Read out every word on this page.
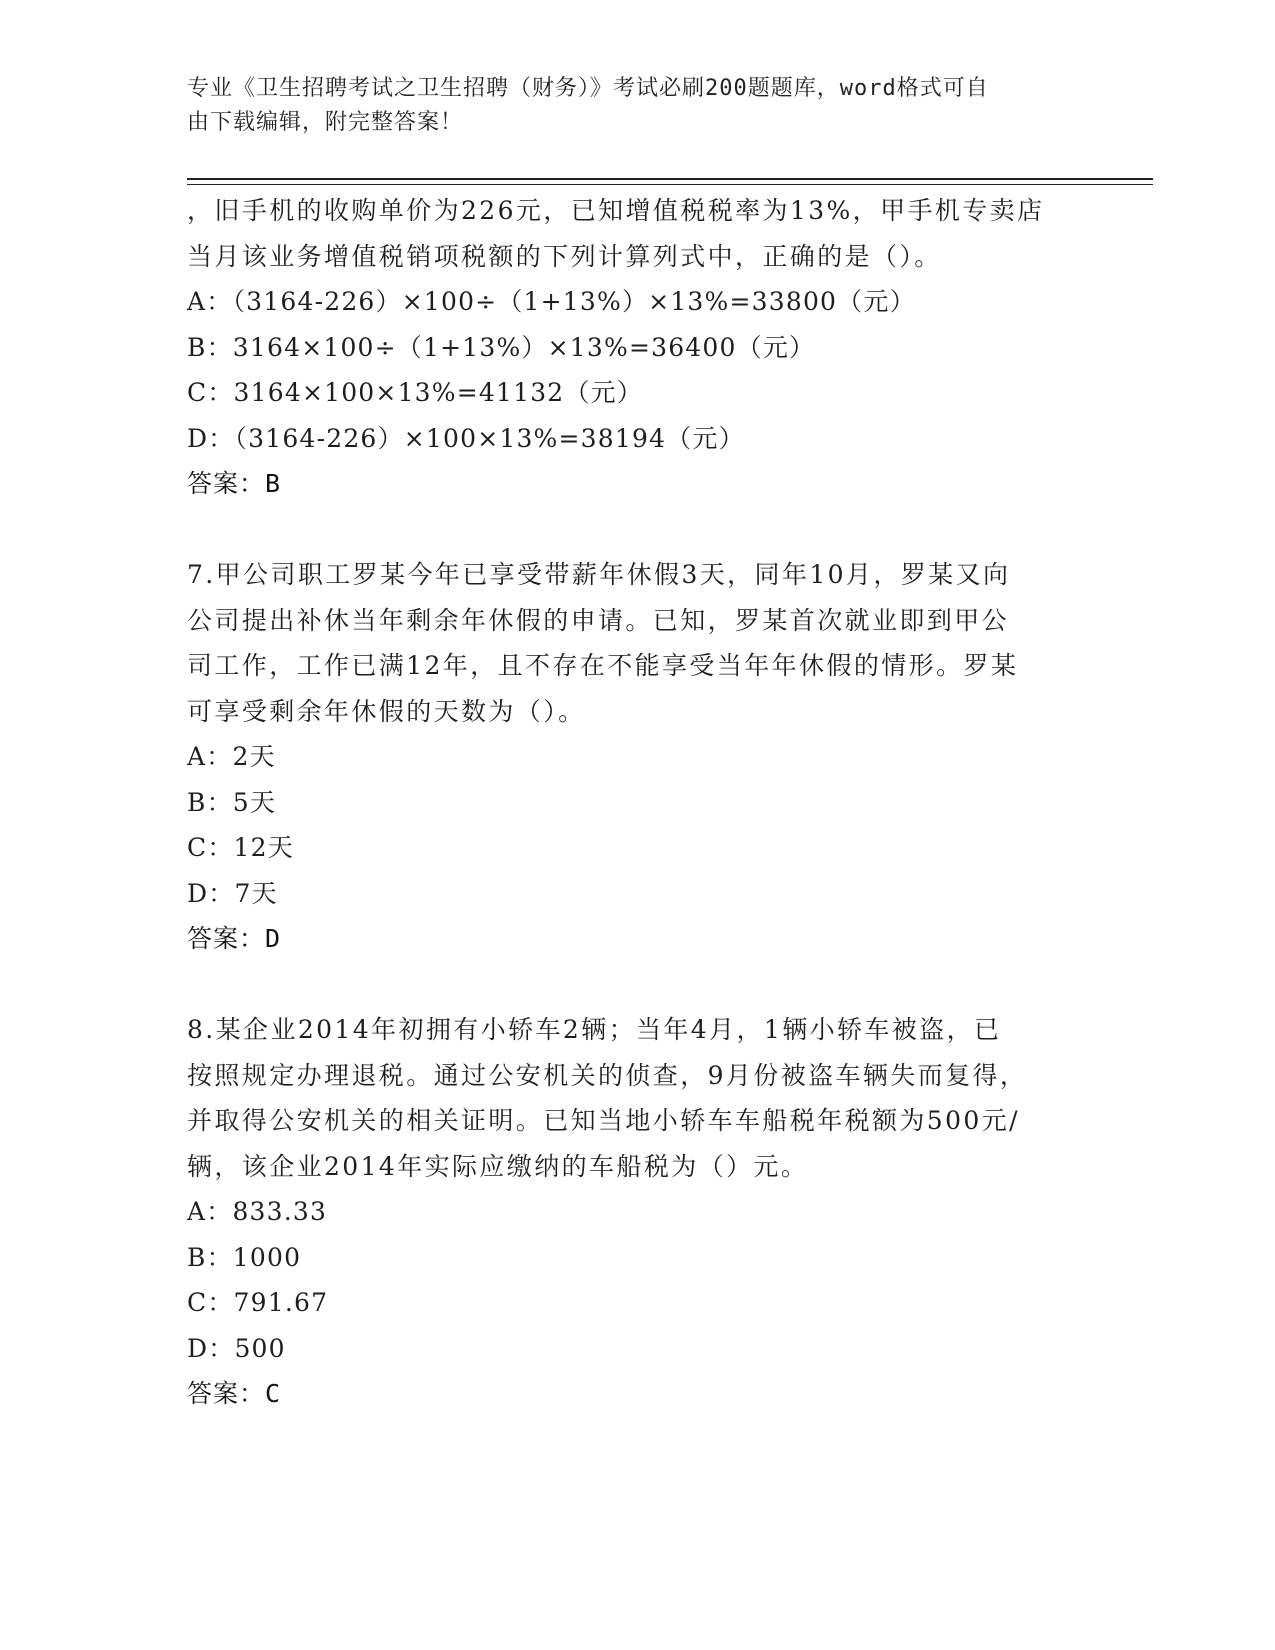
专业《卫生招聘考试之卫生招聘（财务）》考试必刷200题题库，word格式可自
由下载编辑，附完整答案！
，旧手机的收购单价为226元，已知增值税税率为13%，甲手机专卖店
当月该业务增值税销项税额的下列计算列式中，正确的是（）。
A：（3164-226）×100÷（1+13%）×13%=33800（元）
B：3164×100÷（1+13%）×13%=36400（元）
C：3164×100×13%=41132（元）
D：（3164-226）×100×13%=38194（元）
答案：B
7.甲公司职工罗某今年已享受带薪年休假3天，同年10月，罗某又向
公司提出补休当年剩余年休假的申请。已知，罗某首次就业即到甲公
司工作，工作已满12年，且不存在不能享受当年年休假的情形。罗某
可享受剩余年休假的天数为（）。
A：2天
B：5天
C：12天
D：7天
答案：D
8.某企业2014年初拥有小轿车2辆；当年4月，1辆小轿车被盗，已
按照规定办理退税。通过公安机关的侦查，9月份被盗车辆失而复得，
并取得公安机关的相关证明。已知当地小轿车车船税年税额为500元/
辆，该企业2014年实际应缴纳的车船税为（）元。
A：833.33
B：1000
C：791.67
D：500
答案：C
